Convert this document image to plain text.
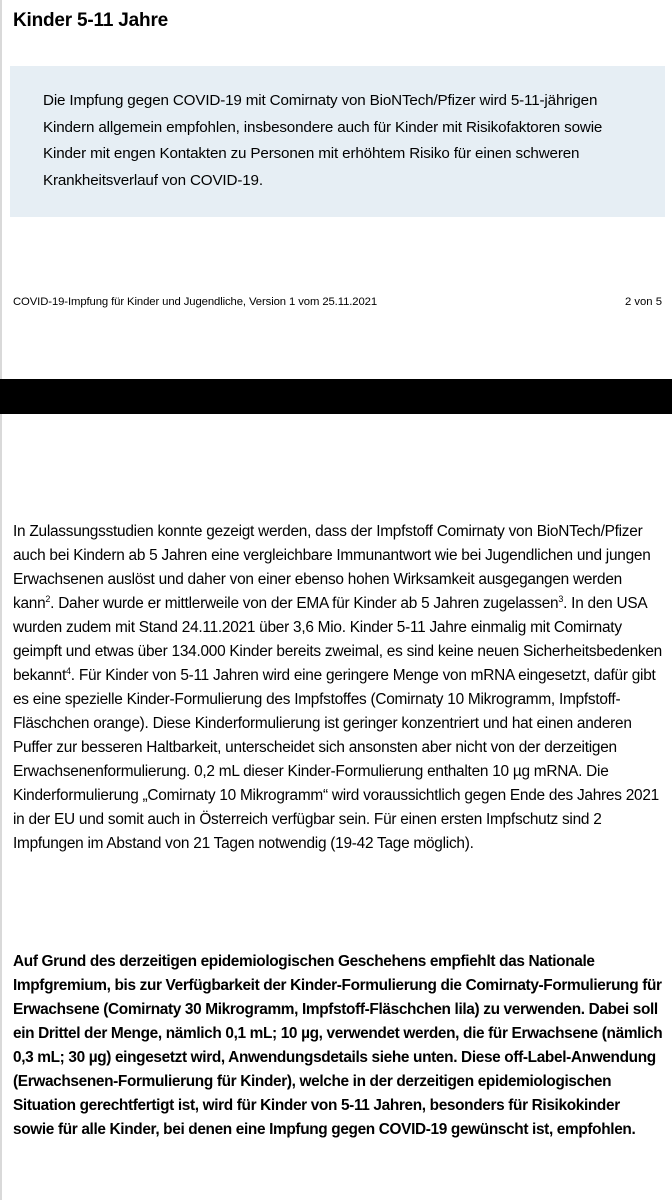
Kinder 5-11 Jahre
Die Impfung gegen COVID-19 mit Comirnaty von BioNTech/Pfizer wird 5-11-jährigen Kindern allgemein empfohlen, insbesondere auch für Kinder mit Risikofaktoren sowie Kinder mit engen Kontakten zu Personen mit erhöhtem Risiko für einen schweren Krankheitsverlauf von COVID-19.
COVID-19-Impfung für Kinder und Jugendliche, Version 1 vom 25.11.2021	2 von 5

In Zulassungsstudien konnte gezeigt werden, dass der Impfstoff Comirnaty von BioNTech/Pfizer auch bei Kindern ab 5 Jahren eine vergleichbare Immunantwort wie bei Jugendlichen und jungen Erwachsenen auslöst und daher von einer ebenso hohen Wirksamkeit ausgegangen werden kann$^2$. Daher wurde er mittlerweile von der EMA für Kinder ab 5 Jahren zugelassen$^3$. In den USA wurden zudem mit Stand 24.11.2021 über 3,6 Mio. Kinder 5-11 Jahre einmalig mit Comirnaty geimpft und etwas über 134.000 Kinder bereits zweimal, es sind keine neuen Sicherheitsbedenken bekannt$^4$. Für Kinder von 5-11 Jahren wird eine geringere Menge von mRNA eingesetzt, dafür gibt es eine spezielle Kinder-Formulierung des Impfstoffes (Comirnaty 10 Mikrogramm, Impfstoff-Fläschchen orange). Diese Kinderformulierung ist geringer konzentriert und hat einen anderen Puffer zur besseren Haltbarkeit, unterscheidet sich ansonsten aber nicht von der derzeitigen Erwachsenenformulierung. 0,2 mL dieser Kinder-Formulierung enthalten 10 µg mRNA. Die Kinderformulierung „Comirnaty 10 Mikrogramm“ wird voraussichtlich gegen Ende des Jahres 2021 in der EU und somit auch in Österreich verfügbar sein. Für einen ersten Impfschutz sind 2 Impfungen im Abstand von 21 Tagen notwendig (19-42 Tage möglich).

Auf Grund des derzeitigen epidemiologischen Geschehens empfiehlt das Nationale Impfgremium, bis zur Verfügbarkeit der Kinder-Formulierung die Comirnaty-Formulierung für Erwachsene (Comirnaty 30 Mikrogramm, Impfstoff-Fläschchen lila) zu verwenden. Dabei soll ein Drittel der Menge, nämlich 0,1 mL; 10 µg, verwendet werden, die für Erwachsene (nämlich 0,3 mL; 30 µg) eingesetzt wird, Anwendungsdetails siehe unten. Diese off-Label-Anwendung (Erwachsenen-Formulierung für Kinder), welche in der derzeitigen epidemiologischen Situation gerechtfertigt ist, wird für Kinder von 5-11 Jahren, besonders für Risikokinder sowie für alle Kinder, bei denen eine Impfung gegen COVID-19 gewünscht ist, empfohlen.
